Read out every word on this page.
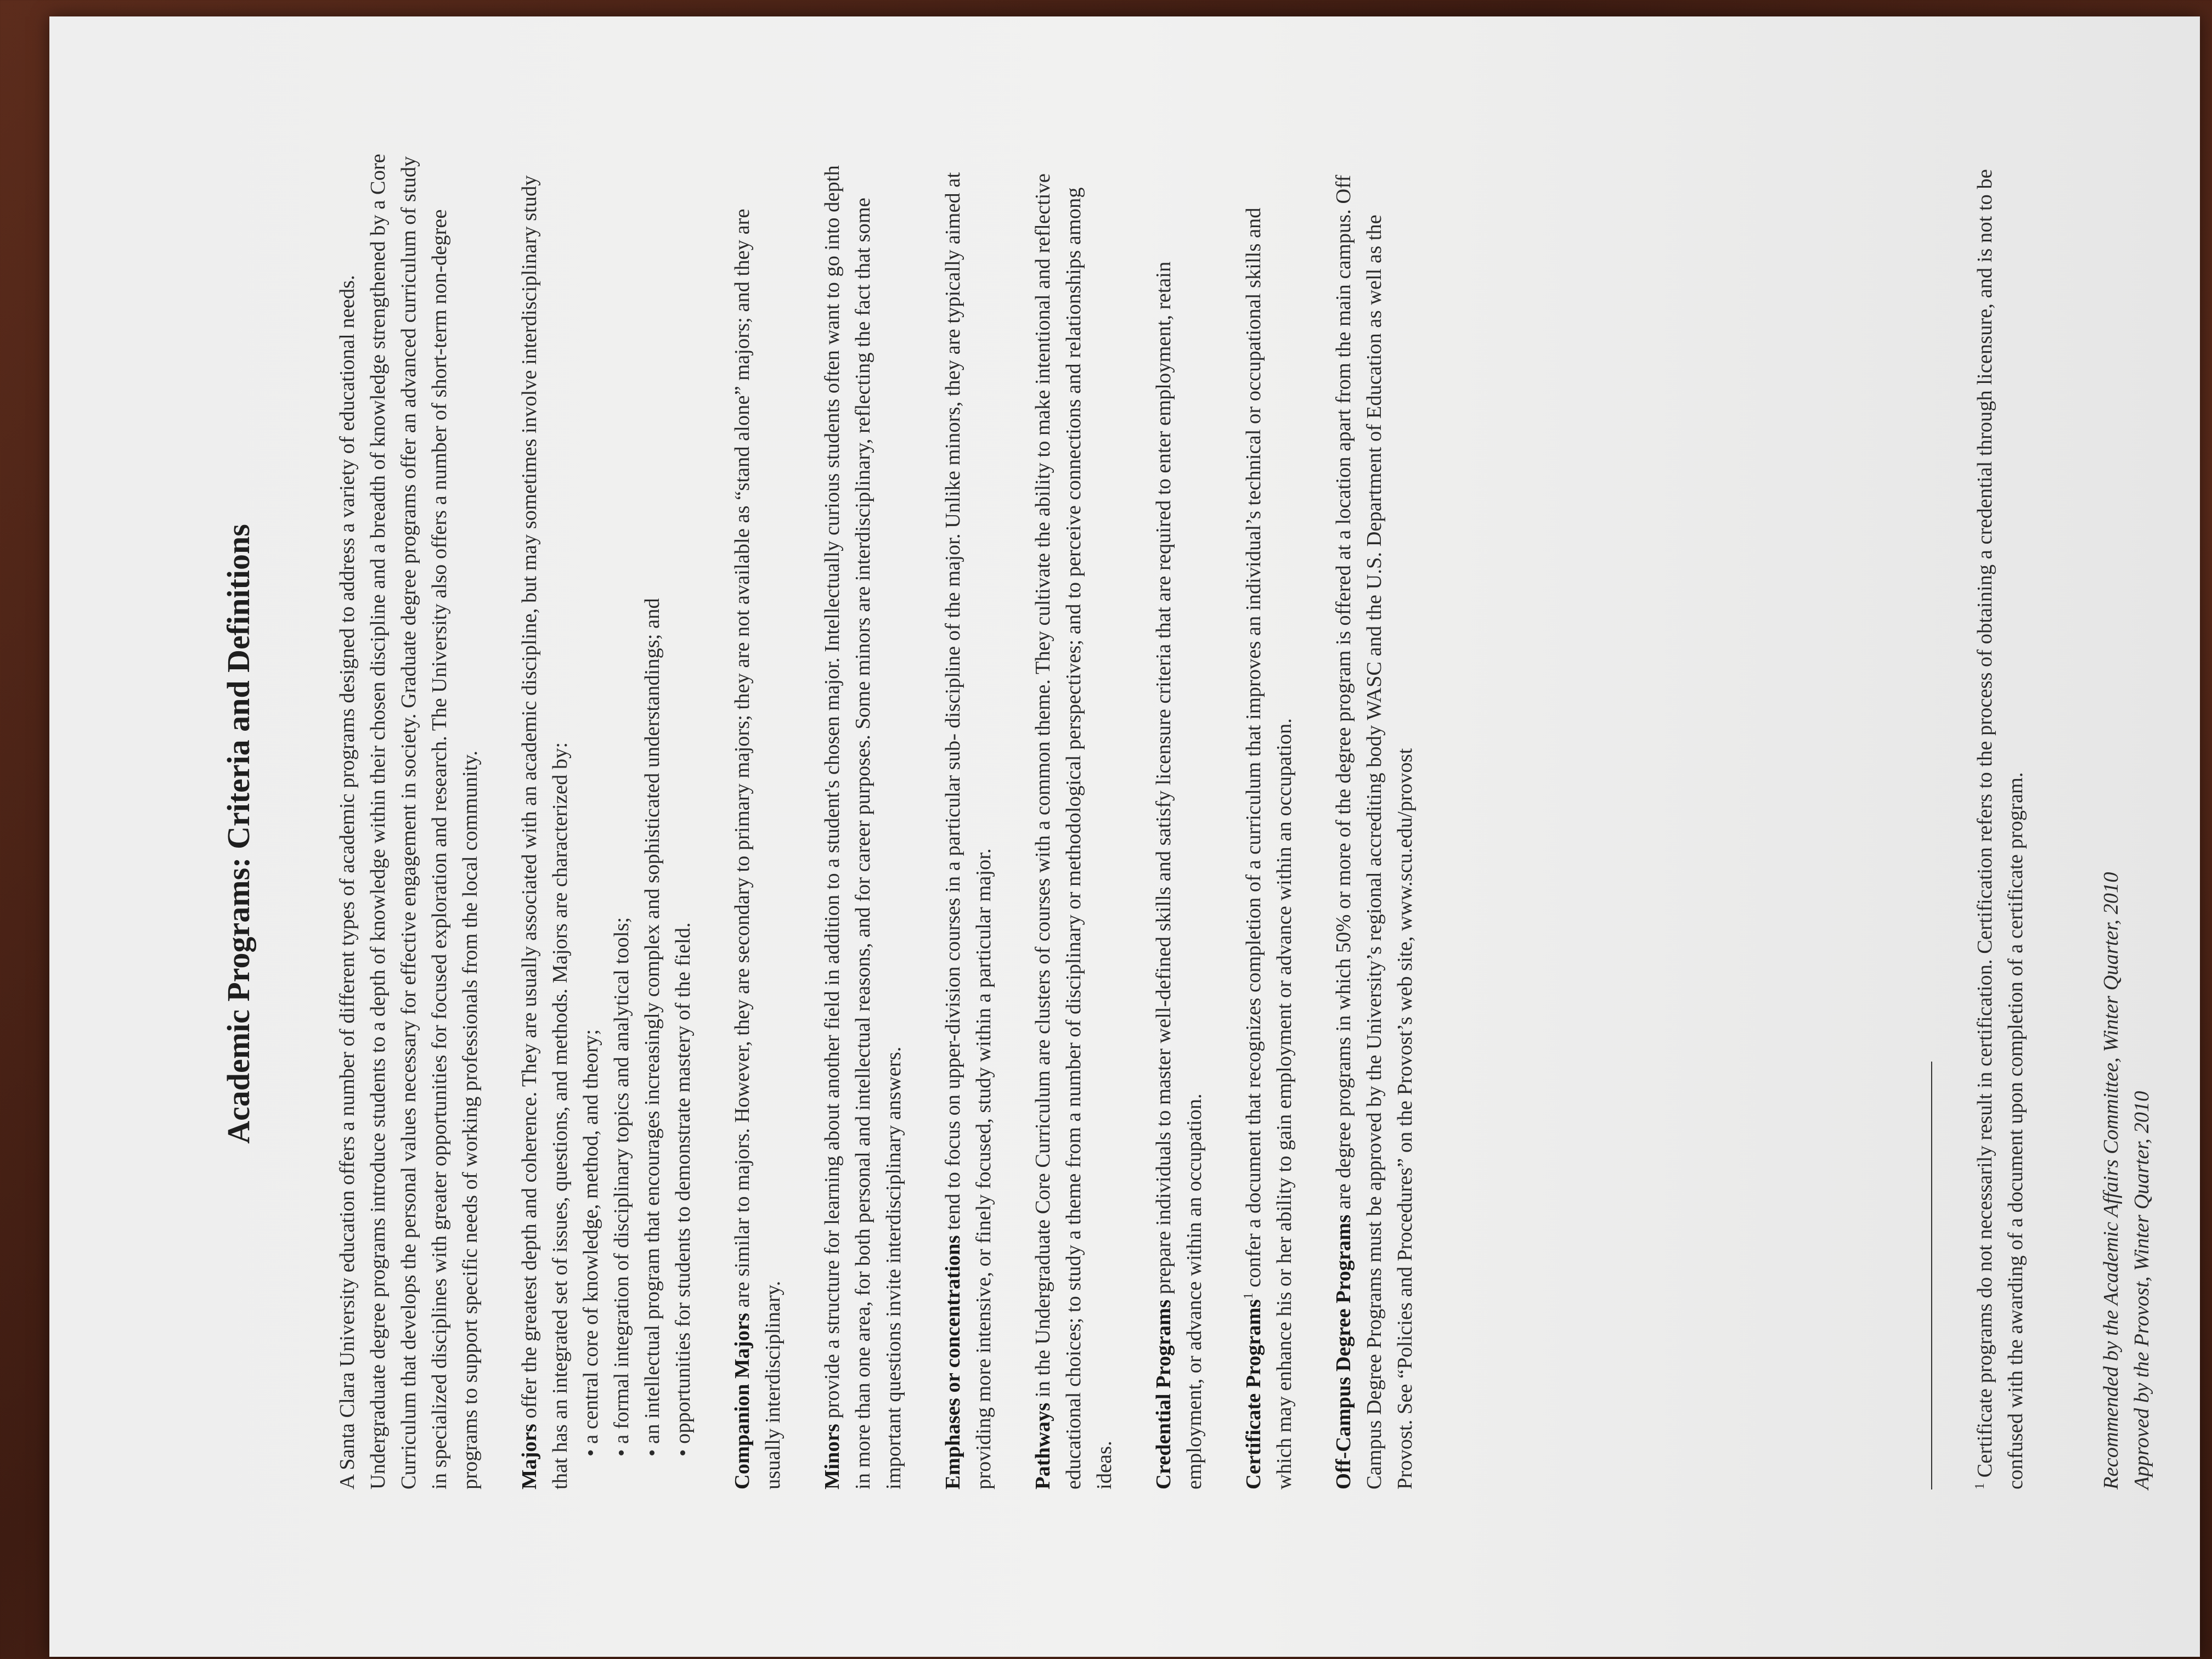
Academic Programs: Criteria and Definitions	A Santa Clara University education offers a number of different types of academic programs designed to address a variety of educational needs. Undergraduate degree programs introduce students to a depth of knowledge within their chosen discipline and a breadth of knowledge strengthened by a Core Curriculum that develops the personal values necessary for effective engagement in society. Graduate degree programs offer an advanced curriculum of study in specialized disciplines with greater opportunities for focused exploration and research. The University also offers a number of short-term non-degree programs to support specific needs of working professionals from the local community. Majors offer the greatest depth and coherence. They are usually associated with an academic discipline, but may sometimes involve interdisciplinary study that has an integrated set of issues, questions, and methods. Majors are characterized by: • a central core of knowledge, method, and theory; • a formal integration of disciplinary topics and analytical tools; • an intellectual program that encourages increasingly complex and sophisticated understandings; and • opportunities for students to demonstrate mastery of the field. Companion Majors are similar to majors. However, they are secondary to primary majors; they are not available as “stand alone” majors; and they are usually interdisciplinary. Minors provide a structure for learning about another field in addition to a student's chosen major. Intellectually curious students often want to go into depth in more than one area, for both personal and intellectual reasons, and for career purposes. Some minors are interdisciplinary, reflecting the fact that some important questions invite interdisciplinary answers. Emphases or concentrations tend to focus on upper-division courses in a particular sub- discipline of the major. Unlike minors, they are typically aimed at providing more intensive, or finely focused, study within a particular major. Pathways in the Undergraduate Core Curriculum are clusters of courses with a common theme. They cultivate the ability to make intentional and reflective educational choices; to study a theme from a number of disciplinary or methodological perspectives; and to perceive connections and relationships among ideas. Credential Programs prepare individuals to master well-defined skills and satisfy licensure criteria that are required to enter employment, retain employment, or advance within an occupation. Certificate Programs$^1$ confer a document that recognizes completion of a curriculum that improves an individual’s technical or occupational skills and which may enhance his or her ability to gain employment or advance within an occupation. Off-Campus Degree Programs are degree programs in which 50% or more of the degree program is offered at a location apart from the main campus. Off Campus Degree Programs must be approved by the University’s regional accrediting body WASC and the U.S. Department of Education as well as the Provost. See “Policies and Procedures” on the Provost’s web site, www.scu.edu/provost	$^1$ Certificate programs do not necessarily result in certification. Certification refers to the process of obtaining a credential through licensure, and is not to be confused with the awarding of a document upon completion of a certificate program.	Recommended by the Academic Affairs Committee, Winter Quarter, 2010 Approved by the Provost, Winter Quarter, 2010
